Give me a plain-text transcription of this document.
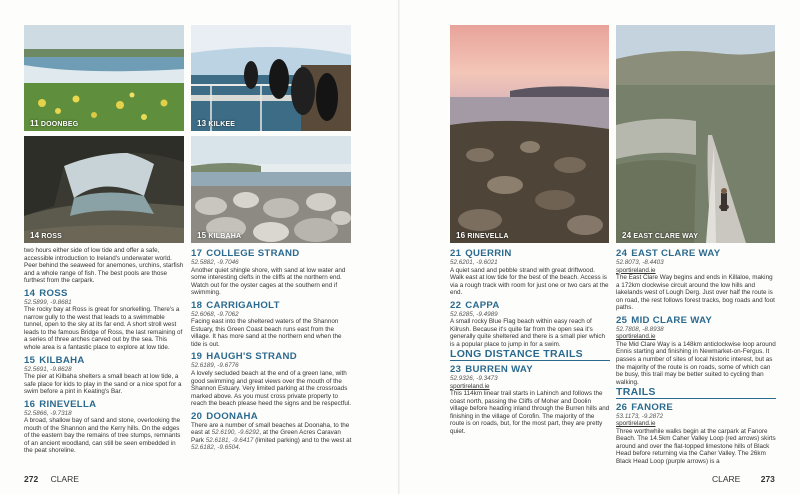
11 DOONBEG	13 KILKEE
14 ROSS	15 KILBAHA
two hours either side of low tide and offer a safe, accessible introduction to Ireland's underwater world. Peer behind the seaweed for anemones, urchins, starfish and a whole range of fish. The best pools are those furthest from the carpark.
14 ROSS
52.5899, -9.8681
The rocky bay at Ross is great for snorkelling. There's a narrow gully to the west that leads to a swimmable tunnel, open to the sky at its far end. A short stroll west leads to the famous Bridge of Ross, the last remaining of a series of three arches carved out by the sea. This whole area is a fantastic place to explore at low tide.
15 KILBAHA
52.5691, -9.8628
The pier at Kilbaha shelters a small beach at low tide, a safe place for kids to play in the sand or a nice spot for a swim before a pint in Keating's Bar.
16 RINEVELLA
52.5866, -9.7318
A broad, shallow bay of sand and stone, overlooking the mouth of the Shannon and the Kerry hills. On the edges of the eastern bay the remains of tree stumps, remnants of an ancient woodland, can still be seen embedded in the peat shoreline.
17 COLLEGE STRAND
52.5882, -9.7046
Another quiet shingle shore, with sand at low water and some interesting clefts in the cliffs at the northern end. Watch out for the oyster cages at the southern end if swimming.
18 CARRIGAHOLT
52.6068, -9.7062
Facing east into the sheltered waters of the Shannon Estuary, this Green Coast beach runs east from the village. It has more sand at the northern end when the tide is out.
19 HAUGH'S STRAND
52.6189, -9.6776
A lovely secluded beach at the end of a green lane, with good swimming and great views over the mouth of the Shannon Estuary. Very limited parking at the crossroads marked above. As you must cross private property to reach the beach please heed the signs and be respectful.
20 DOONAHA
There are a number of small beaches at Doonaha, to the east at 52.6190, -9.6292, at the Green Acres Caravan Park 52.6181, -9.6417 (limited parking) and to the west at 52.6182, -9.6504.
272 CLARE
16 RINEVELLA	24 EAST CLARE WAY
21 QUERRIN
52.6201, -9.6021
A quiet sand and pebble strand with great driftwood. Walk east at low tide for the best of the beach. Access is via a rough track with room for just one or two cars at the end.
22 CAPPA
52.6285, -9.4989
A small rocky Blue Flag beach within easy reach of Kilrush. Because it's quite far from the open sea it's generally quite sheltered and there is a small pier which is a popular place to jump in for a swim.
LONG DISTANCE TRAILS
23 BURREN WAY
52.9326, -9.3473
sportireland.ie
This 114km linear trail starts in Lahinch and follows the coast north, passing the Cliffs of Moher and Doolin village before heading inland through the Burren hills and finishing in the village of Corofin. The majority of the route is on roads, but, for the most part, they are pretty quiet.
24 EAST CLARE WAY
52.8073, -8.4403
sportireland.ie
The East Clare Way begins and ends in Killaloe, making a 172km clockwise circuit around the low hills and lakelands west of Lough Derg. Just over half the route is on road, the rest follows forest tracks, bog roads and foot paths.
25 MID CLARE WAY
52.7808, -8.8938
sportireland.ie
The Mid Clare Way is a 148km anticlockwise loop around Ennis starting and finishing in Newmarket-on-Fergus. It passes a number of sites of local historic interest, but as the majority of the route is on roads, some of which can be busy, this trail may be better suited to cycling than walking.
TRAILS
26 FANORE
53.1173, -9.2872
sportireland.ie
Three worthwhile walks begin at the carpark at Fanore Beach. The 14.5km Caher Valley Loop (red arrows) skirts around and over the flat-topped limestone hills of Black Head before returning via the Caher Valley. The 26km Black Head Loop (purple arrows) is a
CLARE 273
